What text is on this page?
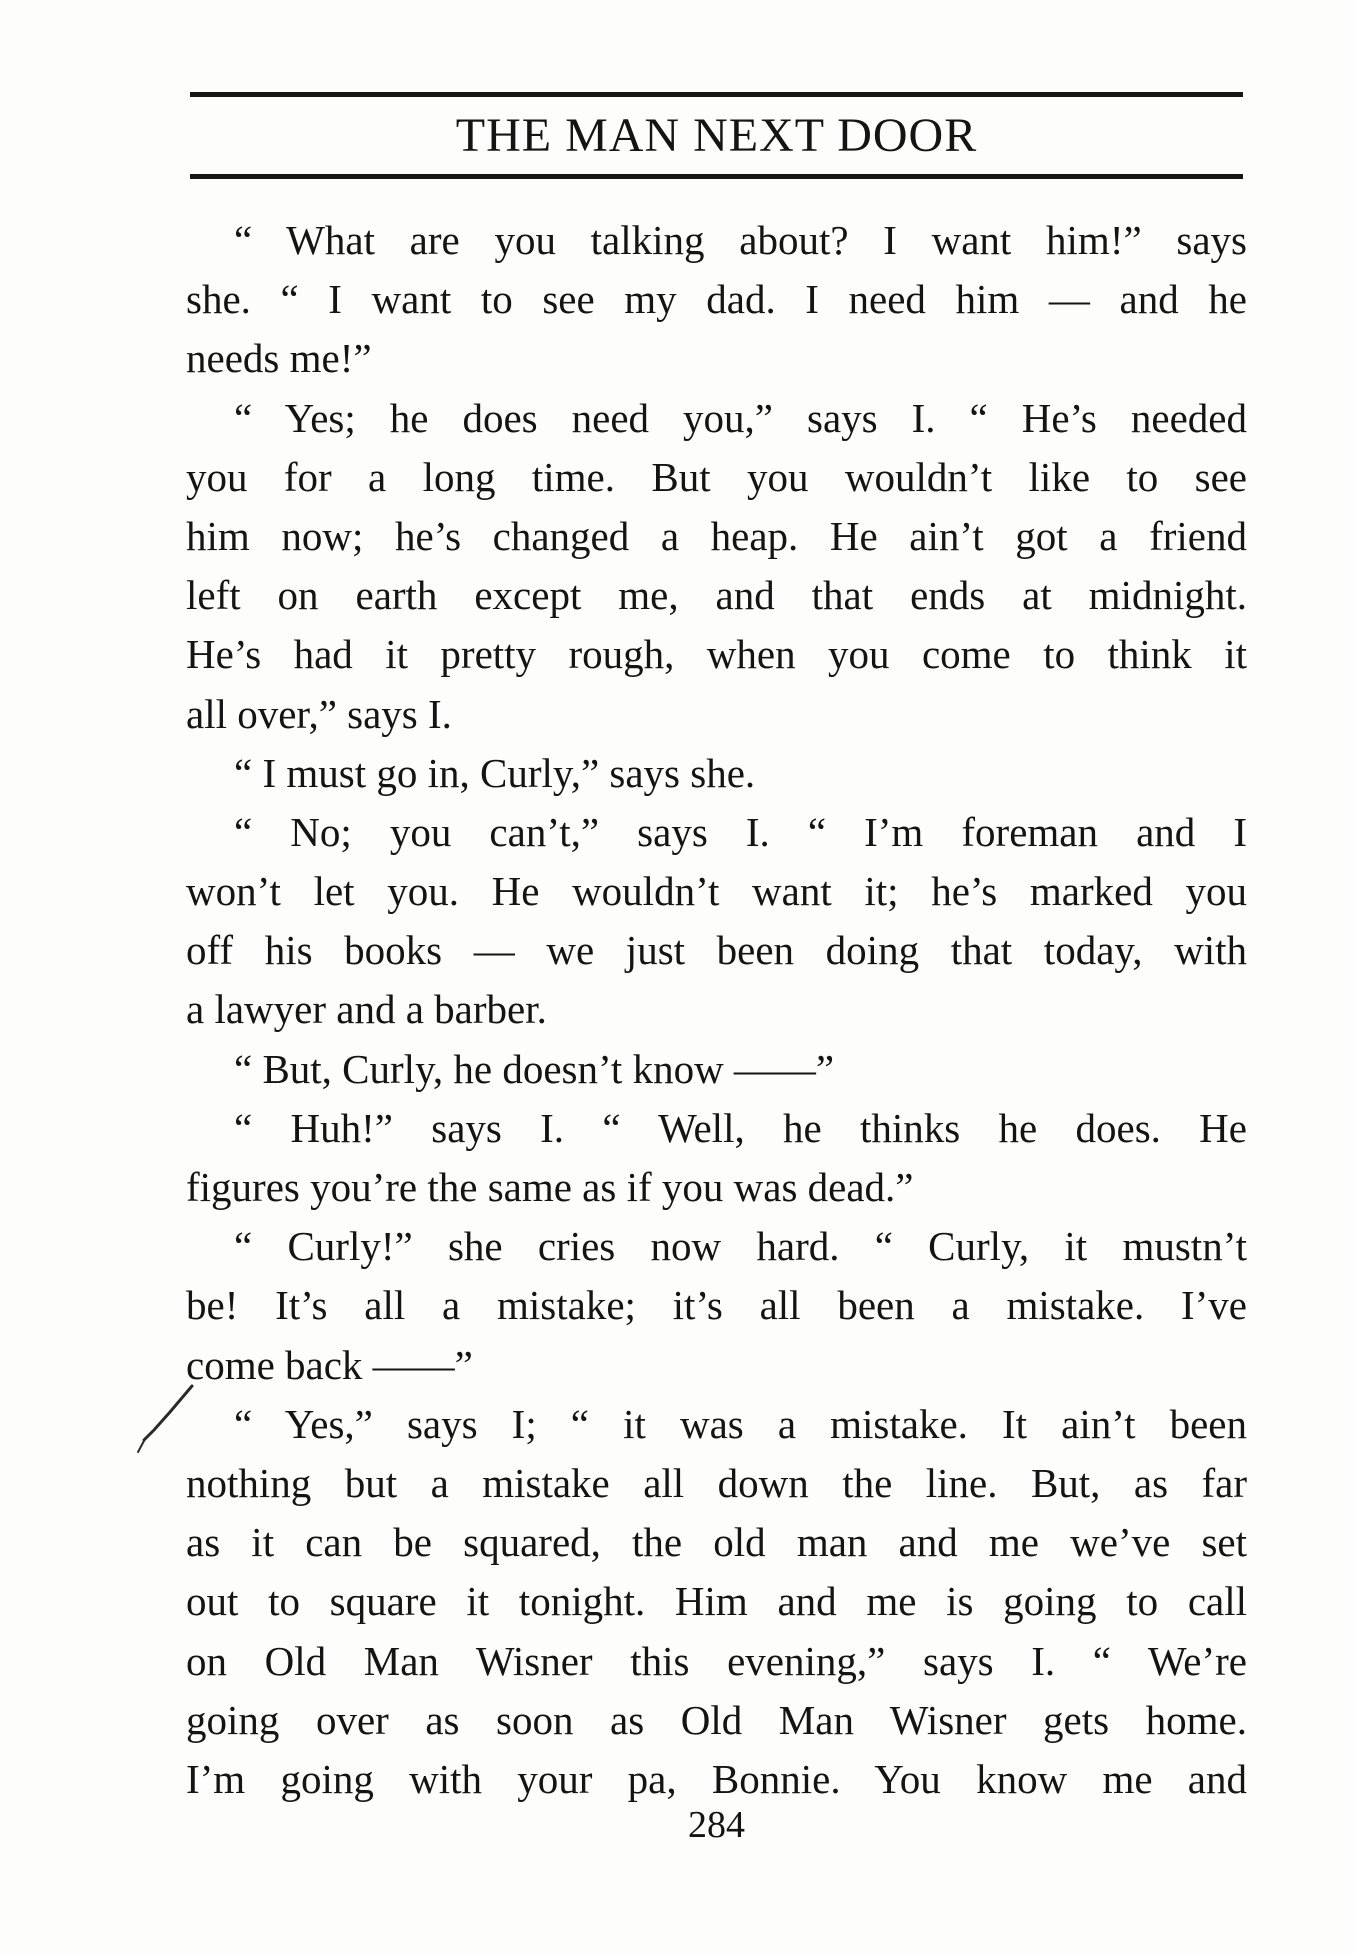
THE MAN NEXT DOOR
“ What are you talking about? I want him!” says
she. “ I want to see my dad. I need him — and he
needs me!”
“ Yes; he does need you,” says I. “ He’s needed
you for a long time. But you wouldn’t like to see
him now; he’s changed a heap. He ain’t got a friend
left on earth except me, and that ends at midnight.
He’s had it pretty rough, when you come to think it
all over,” says I.
“ I must go in, Curly,” says she.
“ No; you can’t,” says I. “ I’m foreman and I
won’t let you. He wouldn’t want it; he’s marked you
off his books — we just been doing that today, with
a lawyer and a barber.
“ But, Curly, he doesn’t know ——”
“ Huh!” says I. “ Well, he thinks he does. He
figures you’re the same as if you was dead.”
“ Curly!” she cries now hard. “ Curly, it mustn’t
be! It’s all a mistake; it’s all been a mistake. I’ve
come back ——”
“ Yes,” says I; “ it was a mistake. It ain’t been
nothing but a mistake all down the line. But, as far
as it can be squared, the old man and me we’ve set
out to square it tonight. Him and me is going to call
on Old Man Wisner this evening,” says I. “ We’re
going over as soon as Old Man Wisner gets home.
I’m going with your pa, Bonnie. You know me and
284
